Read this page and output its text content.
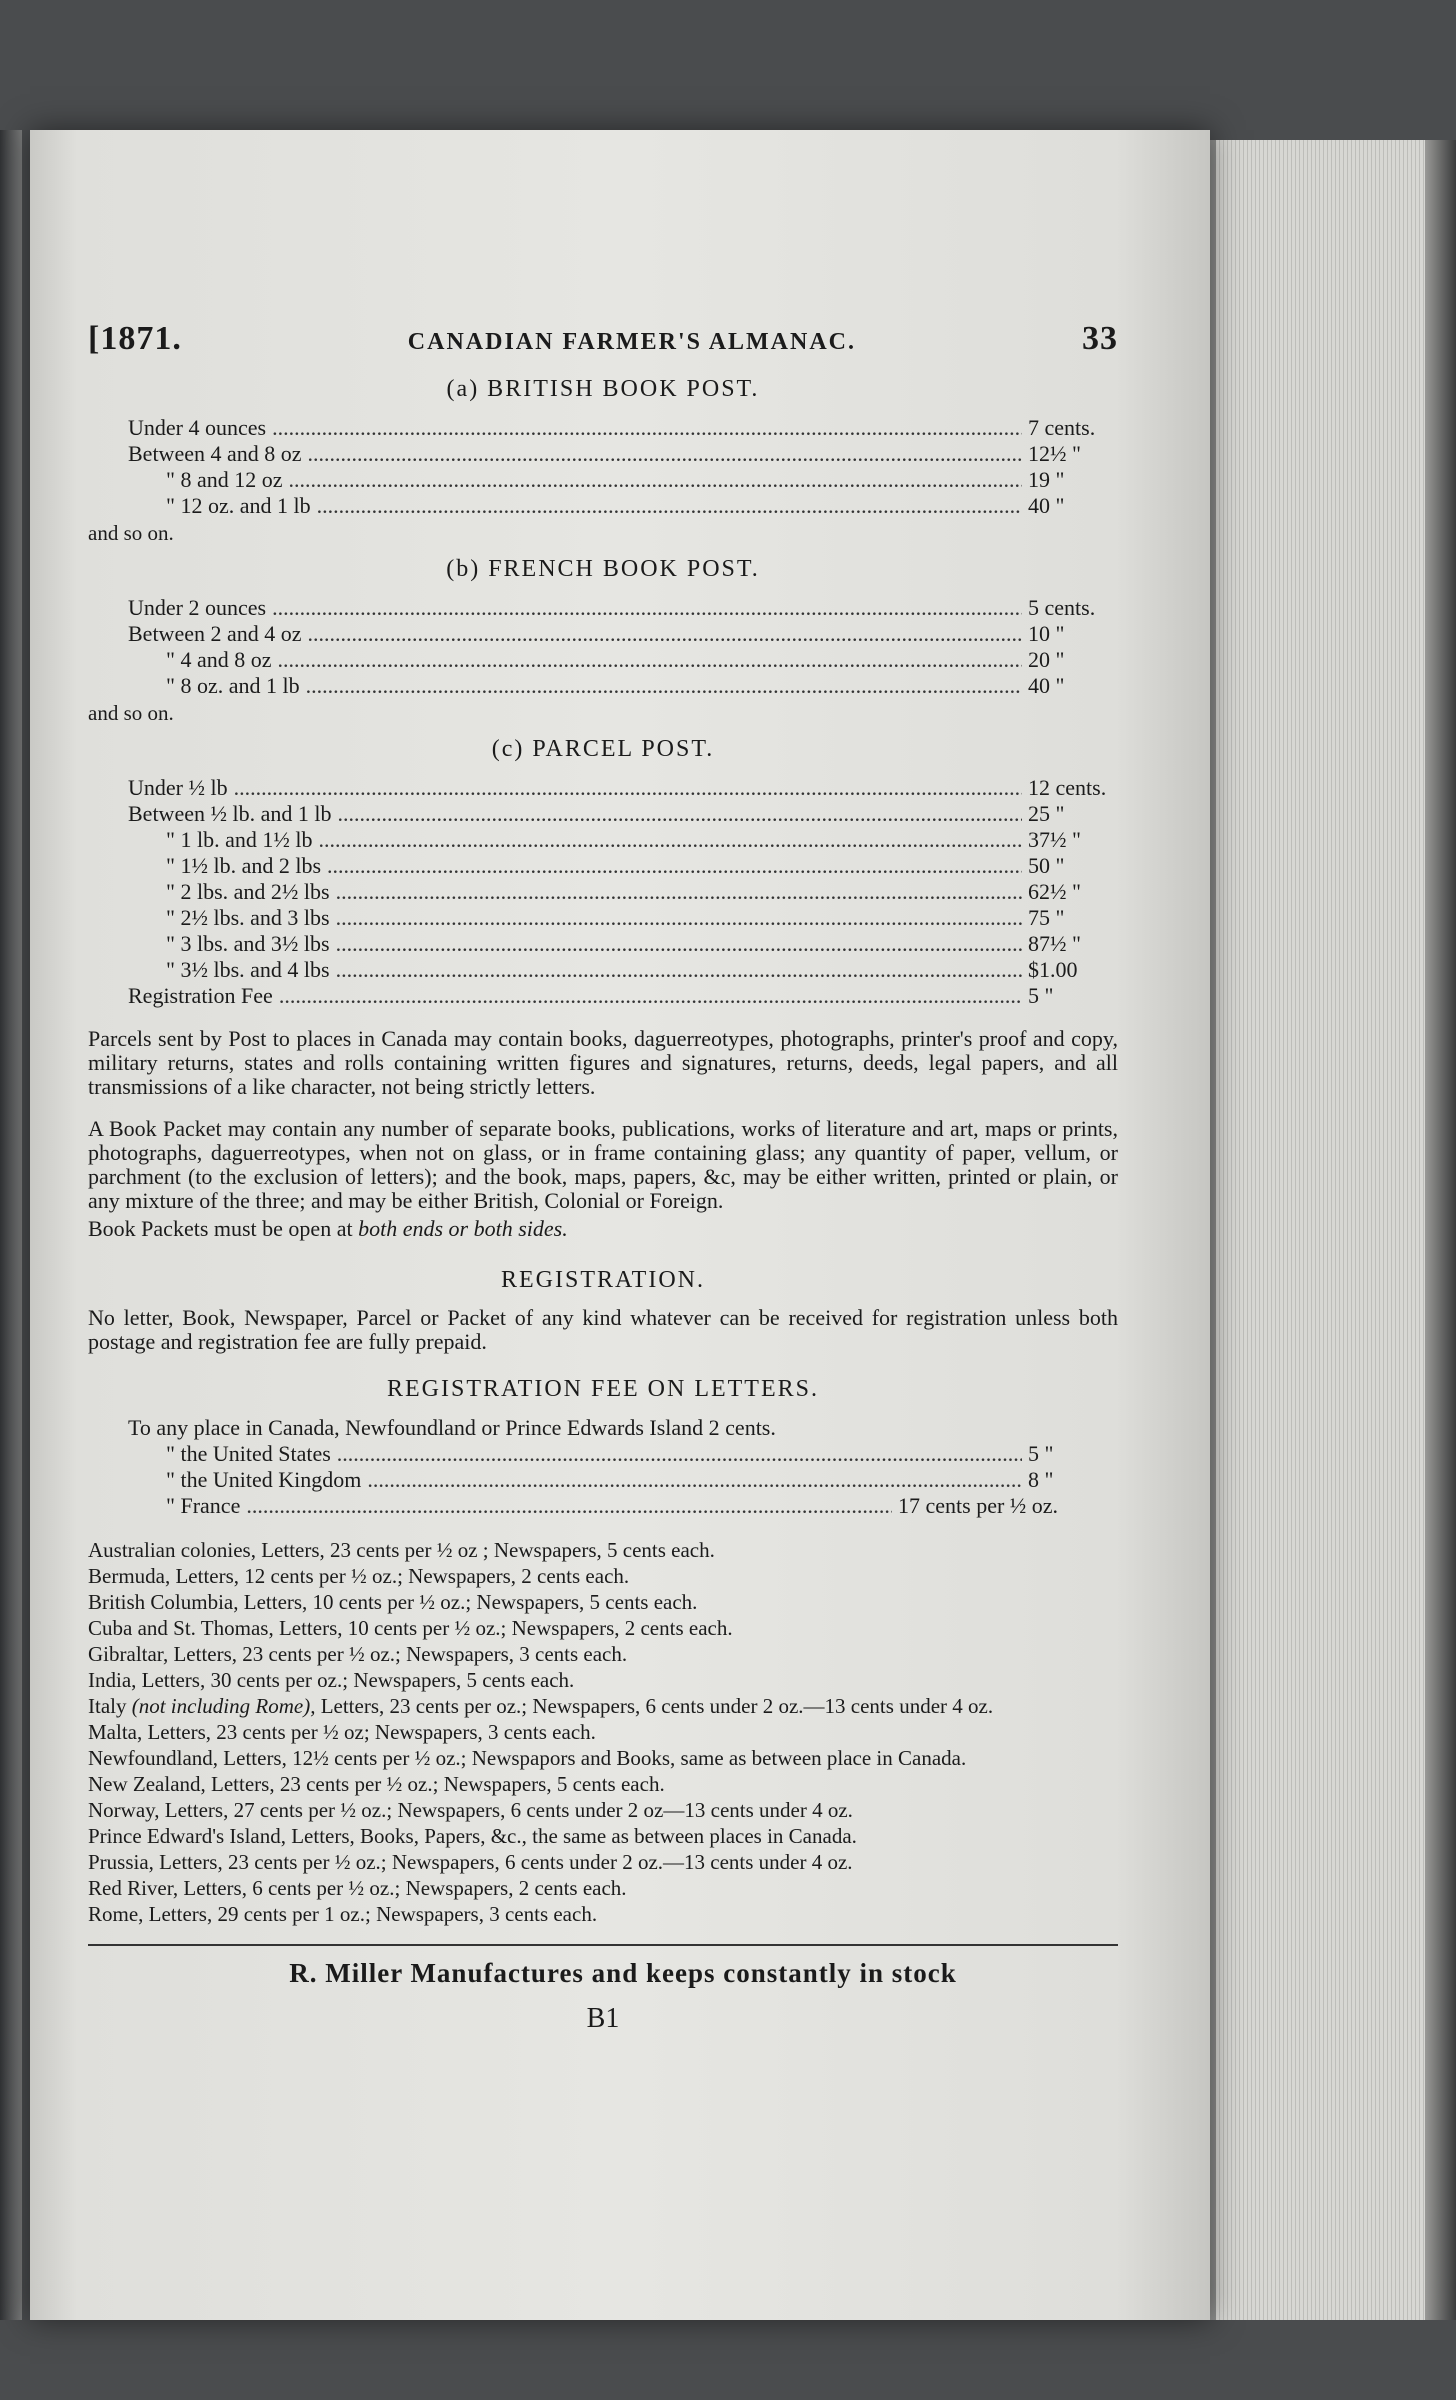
[1871.	CANADIAN FARMER'S ALMANAC.	33
(a) BRITISH BOOK POST.
Under 4 ounces .....	7 cents.
Between 4 and 8 oz .....	12½ "
" 8 and 12 oz .....	19 "
" 12 oz. and 1 lb .....	40 "
and so on.
(b) FRENCH BOOK POST.
Under 2 ounces .....	5 cents.
Between 2 and 4 oz .....	10 "
" 4 and 8 oz .....	20 "
" 8 oz. and 1 lb .....	40 "
and so on.
(c) PARCEL POST.
Under ½ lb .....	12 cents.
Between ½ lb. and 1 lb .....	25 "
" 1 lb. and 1½ lb .....	37½ "
" 1½ lb. and 2 lbs .....	50 "
" 2 lbs. and 2½ lbs .....	62½ "
" 2½ lbs. and 3 lbs .....	75 "
" 3 lbs. and 3½ lbs .....	87½ "
" 3½ lbs. and 4 lbs .....	$1.00
Registration Fee .....	5 "

Parcels sent by Post to places in Canada may contain books, daguerreotypes, photographs, printer's proof and copy, military returns, states and rolls containing written figures and signatures, returns, deeds, legal papers, and all transmissions of a like character, not being strictly letters.

A Book Packet may contain any number of separate books, publications, works of literature and art, maps or prints, photographs, daguerreotypes, when not on glass, or in frame containing glass; any quantity of paper, vellum, or parchment (to the exclusion of letters); and the book, maps, papers, &c, may be either written, printed or plain, or any mixture of the three; and may be either British, Colonial or Foreign.

Book Packets must be open at both ends or both sides.

REGISTRATION.

No letter, Book, Newspaper, Parcel or Packet of any kind whatever can be received for registration unless both postage and registration fee are fully prepaid.

REGISTRATION FEE ON LETTERS.
To any place in Canada, Newfoundland or Prince Edwards Island 2 cents.
" the United States .....	5 "
" the United Kingdom .....	8 "
" France .....	17 cents per ½ oz.
Australian colonies, Letters, 23 cents per ½ oz ; Newspapers, 5 cents each.
Bermuda, Letters, 12 cents per ½ oz.; Newspapers, 2 cents each.
British Columbia, Letters, 10 cents per ½ oz.; Newspapers, 5 cents each.
Cuba and St. Thomas, Letters, 10 cents per ½ oz.; Newspapers, 2 cents each.
Gibraltar, Letters, 23 cents per ½ oz.; Newspapers, 3 cents each.
India, Letters, 30 cents per oz.; Newspapers, 5 cents each.
Italy (not including Rome), Letters, 23 cents per oz.; Newspapers, 6 cents under 2 oz.—13 cents under 4 oz.
Malta, Letters, 23 cents per ½ oz; Newspapers, 3 cents each.
Newfoundland, Letters, 12½ cents per ½ oz.; Newspapors and Books, same as between place in Canada.
New Zealand, Letters, 23 cents per ½ oz.; Newspapers, 5 cents each.
Norway, Letters, 27 cents per ½ oz.; Newspapers, 6 cents under 2 oz—13 cents under 4 oz.
Prince Edward's Island, Letters, Books, Papers, &c., the same as between places in Canada.
Prussia, Letters, 23 cents per ½ oz.; Newspapers, 6 cents under 2 oz.—13 cents under 4 oz.
Red River, Letters, 6 cents per ½ oz.; Newspapers, 2 cents each.
Rome, Letters, 29 cents per 1 oz.; Newspapers, 3 cents each.
R. Miller Manufactures and keeps constantly in stock
B1
